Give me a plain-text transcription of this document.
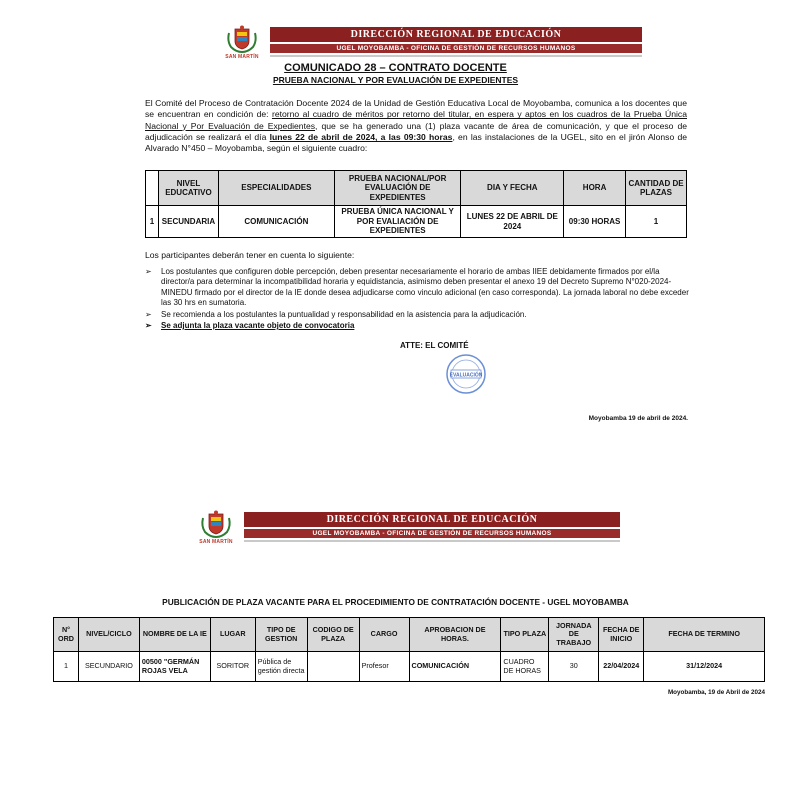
SAN MARTÍN
DIRECCIÓN REGIONAL DE EDUCACIÓN
UGEL MOYOBAMBA - OFICINA DE GESTIÓN DE RECURSOS HUMANOS
COMUNICADO 28 – CONTRATO DOCENTE
PRUEBA NACIONAL Y POR EVALUACIÓN DE EXPEDIENTES

El Comité del Proceso de Contratación Docente 2024 de la Unidad de Gestión Educativa Local de Moyobamba, comunica a los docentes que se encuentran en condición de: retorno al cuadro de méritos por retorno del titular, en espera y aptos en los cuadros de la Prueba Única Nacional y Por Evaluación de Expedientes, que se ha generado una (1) plaza vacante de área de comunicación, y que el proceso de adjudicación se realizará el día lunes 22 de abril de 2024, a las 09:30 horas, en las instalaciones de la UGEL, sito en el jirón Alonso de Alvarado N°450 – Moyobamba, según el siguiente cuadro:

	NIVEL EDUCATIVO	ESPECIALIDADES	PRUEBA NACIONAL/POR EVALUACIÓN DE EXPEDIENTES	DIA Y FECHA	HORA	CANTIDAD DE PLAZAS
1	SECUNDARIA	COMUNICACIÓN	PRUEBA ÚNICA NACIONAL Y POR EVALIACIÓN DE EXPEDIENTES	LUNES 22 DE ABRIL DE 2024	09:30 HORAS	1

Los participantes deberán tener en cuenta lo siguiente:

➢ Los postulantes que configuren doble percepción, deben presentar necesariamente el horario de ambas IIEE debidamente firmados por el/la director/a para determinar la incompatibilidad horaria y equidistancia, asimismo deben presentar el anexo 19 del Decreto Supremo N°020-2024-MINEDU firmado por el director de la IE donde desea adjudicarse como vinculo adicional (en caso corresponda). La jornada laboral no debe exceder las 30 hrs en sumatoria.
➢ Se recomienda a los postulantes la puntualidad y responsabilidad en la asistencia para la adjudicación.
➢ Se adjunta la plaza vacante objeto de convocatoria
ATTE: EL COMITÉ
EVALUACIÓN
Moyobamba 19 de abril de 2024.
SAN MARTÍN
DIRECCIÓN REGIONAL DE EDUCACIÓN
UGEL MOYOBAMBA - OFICINA DE GESTIÓN DE RECURSOS HUMANOS
PUBLICACIÓN DE PLAZA VACANTE PARA EL PROCEDIMIENTO DE CONTRATACIÓN DOCENTE - UGEL MOYOBAMBA
N° ORD	NIVEL/CICLO	NOMBRE DE LA IE	LUGAR	TIPO DE GESTION	CODIGO DE PLAZA	CARGO	APROBACION DE HORAS.	TIPO PLAZA	JORNADA DE TRABAJO	FECHA DE INICIO	FECHA DE TERMINO
1	SECUNDARIO	00500 "GERMÁN ROJAS VELA	SORITOR	Pública de gestión directa		Profesor	COMUNICACIÓN	CUADRO DE HORAS	30	22/04/2024	31/12/2024
Moyobamba, 19 de Abril de 2024
